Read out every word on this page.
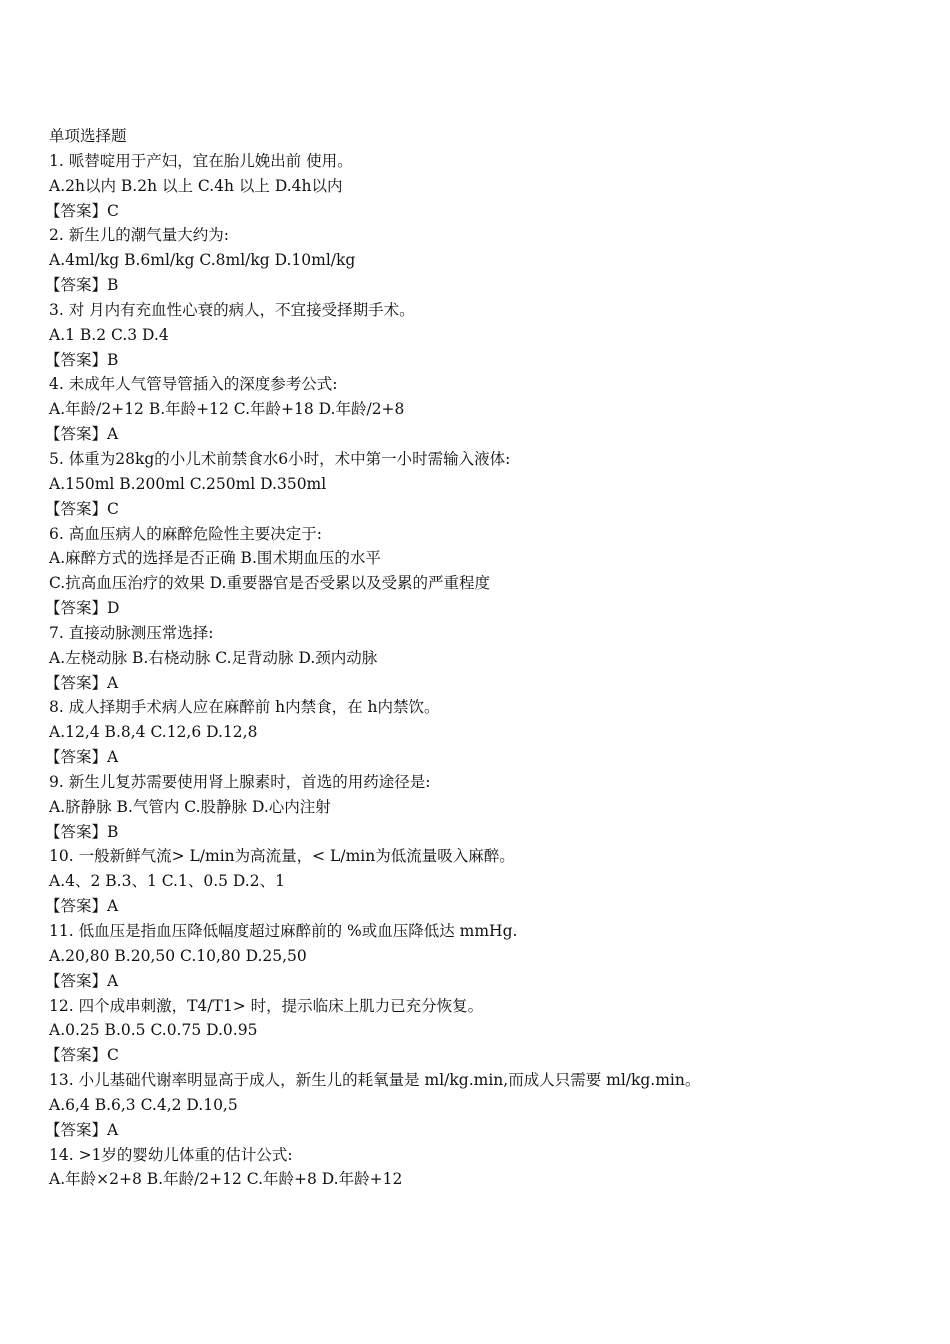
单项选择题
1. 哌替啶用于产妇，宜在胎儿娩出前 使用。
A.2h以内 B.2h 以上 C.4h 以上 D.4h以内
【答案】C
2. 新生儿的潮气量大约为:
A.4ml/kg B.6ml/kg C.8ml/kg D.10ml/kg
【答案】B
3. 对 月内有充血性心衰的病人，不宜接受择期手术。
A.1 B.2 C.3 D.4
【答案】B
4. 未成年人气管导管插入的深度参考公式:
A.年龄/2+12 B.年龄+12 C.年龄+18 D.年龄/2+8
【答案】A
5. 体重为28kg的小儿术前禁食水6小时，术中第一小时需输入液体:
A.150ml B.200ml C.250ml D.350ml
【答案】C
6. 高血压病人的麻醉危险性主要决定于:
A.麻醉方式的选择是否正确 B.围术期血压的水平
C.抗高血压治疗的效果 D.重要器官是否受累以及受累的严重程度
【答案】D
7. 直接动脉测压常选择:
A.左桡动脉 B.右桡动脉 C.足背动脉 D.颈内动脉
【答案】A
8. 成人择期手术病人应在麻醉前 h内禁食，在 h内禁饮。
A.12,4 B.8,4 C.12,6 D.12,8
【答案】A
9. 新生儿复苏需要使用肾上腺素时，首选的用药途径是:
A.脐静脉 B.气管内 C.股静脉 D.心内注射
【答案】B
10. 一般新鲜气流> L/min为高流量，< L/min为低流量吸入麻醉。
A.4、2 B.3、1 C.1、0.5 D.2、1
【答案】A
11. 低血压是指血压降低幅度超过麻醉前的 %或血压降低达 mmHg.
A.20,80 B.20,50 C.10,80 D.25,50
【答案】A
12. 四个成串刺激，T4/T1> 时，提示临床上肌力已充分恢复。
A.0.25 B.0.5 C.0.75 D.0.95
【答案】C
13. 小儿基础代谢率明显高于成人，新生儿的耗氧量是 ml/kg.min,而成人只需要 ml/kg.min。
A.6,4 B.6,3 C.4,2 D.10,5
【答案】A
14. >1岁的婴幼儿体重的估计公式:
A.年龄×2+8 B.年龄/2+12 C.年龄+8 D.年龄+12
